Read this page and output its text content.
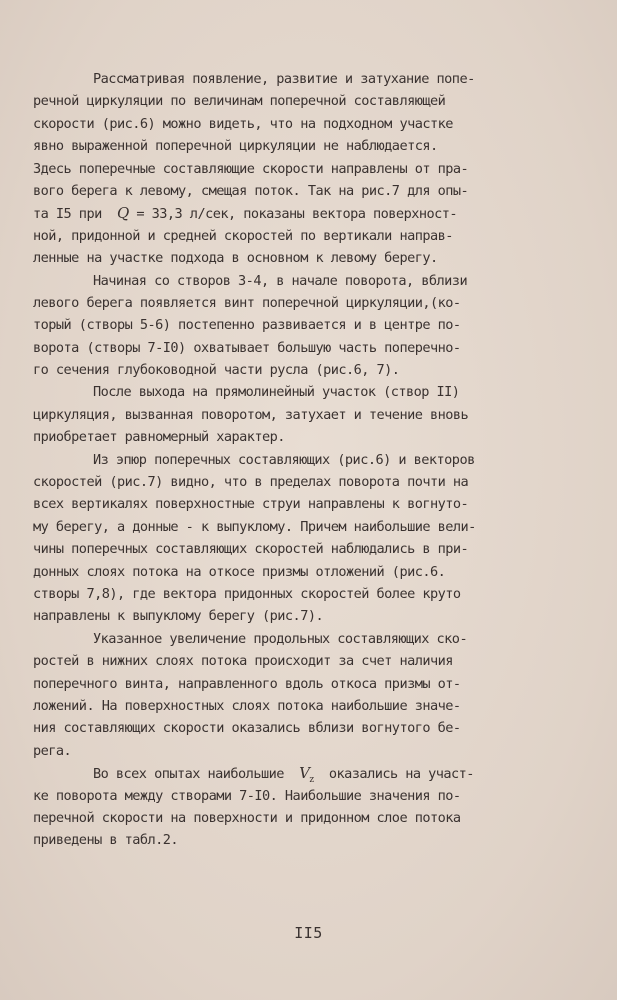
Рассматривая появление, развитие и затухание попе-
речной циркуляции по величинам поперечной составляющей
скорости (рис.6) можно видеть, что на подходном участке
явно выраженной поперечной циркуляции не наблюдается.
Здесь поперечные составляющие скорости направлены от пра-
вого берега к левому, смещая поток. Так на рис.7 для опы-
та I5 при  Q = 33,3 л/сек, показаны вектора поверхност-
ной, придонной и средней скоростей по вертикали направ-
ленные на участке подхода в основном к левому берегу.
Начиная со створов 3-4, в начале поворота, вблизи
левого берега появляется винт поперечной циркуляции,(ко-
торый (створы 5-6) постепенно развивается и в центре по-
ворота (створы 7-I0) охватывает большую часть поперечно-
го сечения глубоководной части русла (рис.6, 7).
После выхода на прямолинейный участок (створ II)
циркуляция, вызванная поворотом, затухает и течение вновь
приобретает равномерный характер.
Из эпюр поперечных составляющих (рис.6) и векторов
скоростей (рис.7) видно, что в пределах поворота почти на
всех вертикалях поверхностные струи направлены к вогнуто-
му берегу, а донные - к выпуклому. Причем наибольшие вели-
чины поперечных составляющих скоростей наблюдались в при-
донных слоях потока на откосе призмы отложений (рис.6.
створы 7,8), где вектора придонных скоростей более круто
направлены к выпуклому берегу (рис.7).
Указанное увеличение продольных составляющих ско-
ростей в нижних слоях потока происходит за счет наличия
поперечного винта, направленного вдоль откоса призмы от-
ложений. На поверхностных слоях потока наибольшие значе-
ния составляющих скорости оказались вблизи вогнутого бе-
рега.
Во всех опытах наибольшие  $V_z$  оказались на участ-
ке поворота между створами 7-I0. Наибольшие значения по-
перечной скорости на поверхности и придонном слое потока
приведены в табл.2.
II5
